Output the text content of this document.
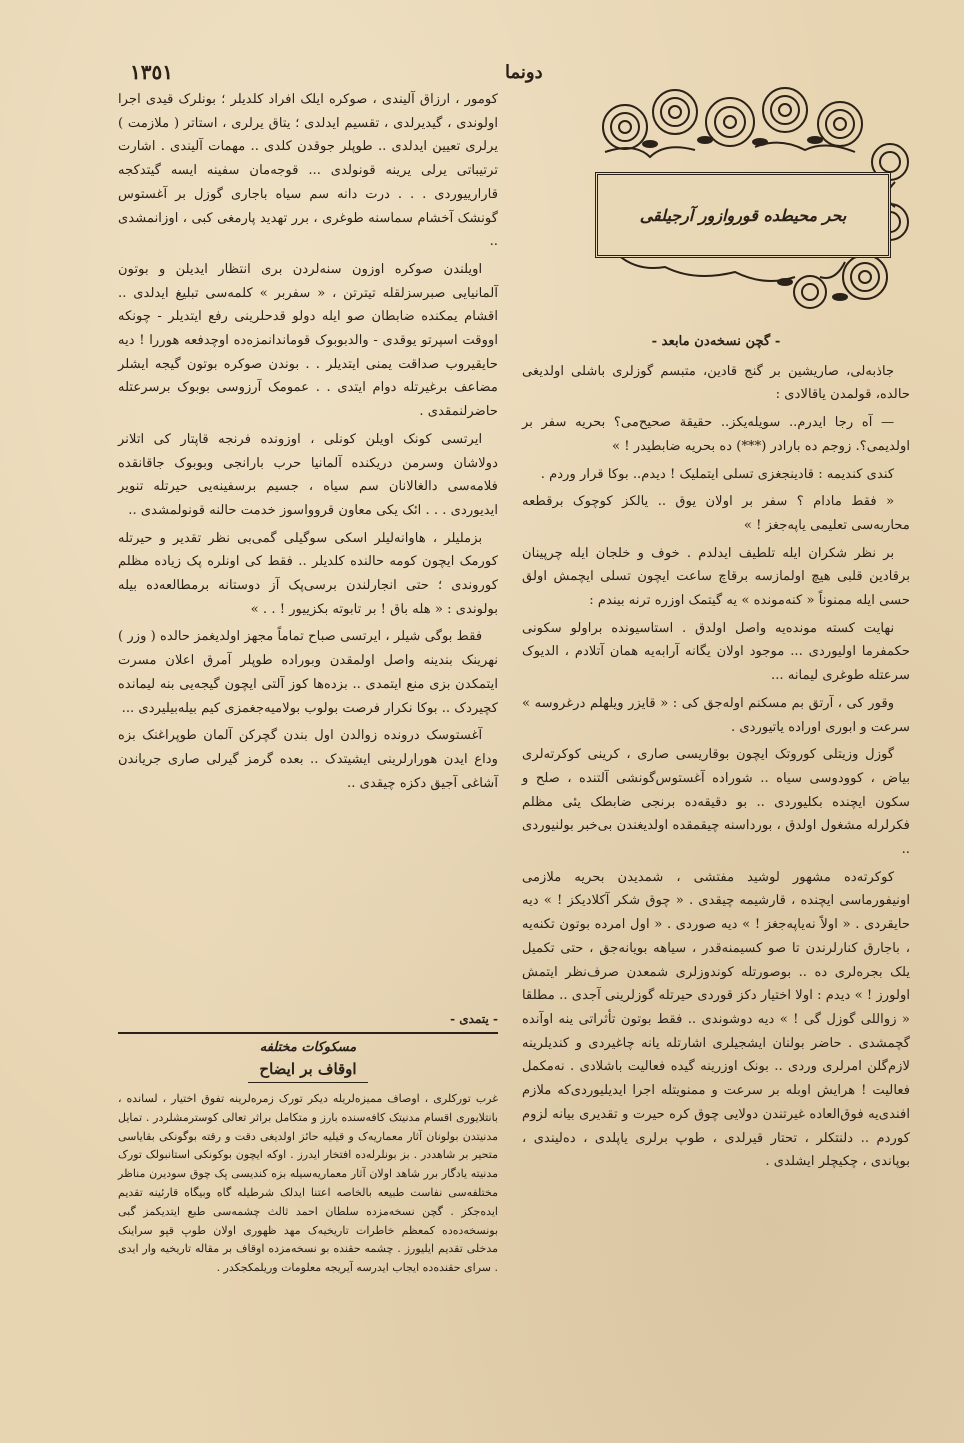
١٣٥١	دونما
بحر محیطده قوروازور آرجیلقی

- گچن نسخه‌دن مابعد -

جاذبه‌لی، صاریشین بر گنج قادین، متبسم گوزلری باشلی اولدیغی حالده، قولمدن یاقالادی :

— آه رجا ایدرم.. سویله‌یکز.. حقیقة صحیح‌می؟ بحریه سفر بر اولدیمی؟. زوجم ده بارادر (***) ده بحریه ضابطیدر ! »

کندی کندیمه : قادینجغزی تسلی ایتملیک ! دیدم.. بوکا قرار وردم .

« فقط مادام ؟ سفر بر اولان یوق .. یالکز کوچوک برقطعه محاربه‌سی تعلیمی یاپه‌جغز ! »

بر نظر شکران ایله تلطیف ایدلدم . خوف و خلجان ایله چرپینان برقادین قلبی هیچ اولمازسه برقاچ ساعت ایچون تسلی ایچمش اولق حسی ایله ممنوناً « کنه‌مونده » یه گیتمک اوزره ترنه بیندم :

نهایت کسته مونده‌یه واصل اولدق . استاسیونده براولو سکونی حکمفرما اولیوردی ... موجود اولان یگانه آرابه‌یه همان آتلادم ، الدیوک سرعتله طوغری لیمانه ...

وقور کی ، آرتق بم مسکنم اوله‌جق کی : « قایزر ویلهلم درغروسه » سرعت و ابوری اوراده یاتیوردی .

گوزل وزیتلی کوروتک ایچون بوقاریسی صاری ، کرینی کوکرته‌لری بیاض ، کوودوسی سیاه .. شوراده آغستوس‌گونشی آلتنده ، صلح و سکون ایچنده بکلیوردی .. بو دقیقه‌ده برنجی ضابطک یئی مظلم فکرلرله مشغول اولدق ، بورداسنه چیقمقده اولدیغندن بی‌خبر بولنیوردی ..

کوکرته‌ده مشهور لوشید مفتشی ، شمدیدن بحریه ملازمی اونیفورماسی ایچنده ، قارشیمه چیقدی . « چوق شکر آکلادیکز ! » دیه حایقردی . « اولاً نه‌یاپه‌جغز ! » دیه صوردی . « اول امرده بوتون تکنه‌یه ، باجارق کنارلرندن تا صو کسیمنه‌قدر ، سیاهه بویانه‌جق ، حتی تکمیل یلک بجره‌لری ده .. بوصورتله کوندوزلری شمعدن صرف‌نظر ایتمش اولورز ! » دیدم : اولا اختیار دکز قوردی حیرتله گوزلرینی آجدی .. مطلقا « زواللی گوزل گی ! » دیه دوشوندی .. فقط بوتون تأثراتی ینه اوآنده گچمشدی . حاضر بولنان ایشجیلری اشارتله یانه چاغیردی و کندیلرینه لازم‌گلن امرلری وردی .. بونک اوزرینه گیده فعالیت باشلادی . نه‌مکمل فعالیت ! هرایش اوبله بر سرعت و ممنویتله اجرا ایدیلیوردی‌که ملازم افندی‌یه فوق‌العاده غیرتندن دولایی چوق کره حیرت و تقدیری بیانه لزوم کوردم .. دلنتکلر ، تحتار قیرلدی ، طوپ برلری یاپلدی ، ده‌لیندی ، بوپاندی ، چکیچلر ایشلدی .

کومور ، ارزاق آلیندی ، صوکره ایلک افراد کلدیلر ؛ بونلرک قیدی اجرا اولوندی ، گیدیرلدی ، تقسیم ایدلدی ؛ یتاق یرلری ، استاتر ( ملازمت ) یرلری تعیین ایدلدی .. طوپلر جوقدن کلدی .. مهمات آلیندی . اشارت ترتیباتی یرلی یرینه قونولدی ... قوجه‌مان سفینه ایسه گیتدکجه قارارییوردی . . . درت دانه سم سیاه باجاری گوزل بر آغستوس گونشک آخشام سماسنه طوغری ، برر تهدید پارمغی کبی ، اوزانمشدی ..

اویلندن صوکره اوزون سنه‌لردن بری انتظار ایدیلن و بوتون آلمانیایی صبرسزلقله تیترتن ، « سفربر » کلمه‌سی تبلیغ ایدلدی .. اقشام یمکنده ضابطان صو ایله دولو قدحلرینی رفع ایتدیلر - چونکه اووقت اسپرتو یوقدی - والدبوبوک قوماندانمزه‌ده اوچدفعه هوررا ! دیه حایقیروب صداقت یمنی ایتدیلر . . بوندن صوکره بوتون گیجه ایشلر مضاعف برغیرتله دوام ایتدی . . عمومک آرزوسی بوبوک برسرعتله حاضرلنمقدی .

ایرتسی کونک اویلن کونلی ، اوزونده فرنجه قاپتار کی اتلانر دولاشان وسرمن دریکنده آلمانیا حرب بارانجی وبوبوک جاقانقده فلامه‌سی دالغالانان سم سیاه ، جسیم برسفینه‌یی حیرتله تنویر ایدیوردی . . . ائک یکی معاون قروواسوز خدمت حالنه قونولمشدی ..

بزملیلر ، هاوانه‌لیلر اسکی سوگیلی گمی‌بی نظر تقدیر و حیرتله کورمک ایچون کومه حالنده کلدیلر .. فقط کی اونلره پک زیاده مظلم کوروندی ؛ حتی انجارلندن برسی‌پک آز دوستانه برمطالعه‌ده بیله بولوندی : « هله باق ! بر تابوته بکزییور ! . . »

فقط بوگی شیلر ، ایرتسی صباح تماماً مجهز اولدیغمز حالده ( وزر ) نهرینک بندینه واصل اولمقدن وبوراده طوپلر آمرق اعلان مسرت ایتمکدن بزی منع ایتمدی .. بزده‌ها کوز آلتی ایچون گیجه‌یی بنه لیمانده کچیردک .. بوکا نکرار فرصت بولوب بولامیه‌جغمزی کیم بیله‌بیلیردی ...

آغستوسک درونده زوالدن اول بندن گچرکن آلمان طوپراغنک بزه وداع ایدن هورارلرینی ایشیتدک .. بعده گرمز گیرلی صاری جریاندن آشاغی آجیق دکزه چیقدی ..

- یتمدی -
مسکوکات مختلفه
اوقاف بر ایضاح

غرب تورکلری ، اوصاف ممیزه‌لریله دیکر تورک زمره‌لرینه تفوق اختیار ، لسانده ، بانتلایوری اقسام مدنیتک کافه‌سنده بارز و متکامل براثر تعالی کوسترمشلردر . تمایل مدنیتدن بولونان آثار معماریه‌ک و قیلیه حائز اولدیغی دقت و رقته بوگونکی بقایاسی متحیر بر شاهددر . بز بونلرله‌ده افتخار ایدرز . اوکه ایچون بوکونکی استانبولک تورک مدنیته یادگار برر شاهد اولان آثار معماریه‌سیله بزه کندیسی پک چوق سودیرن مناظر مختلفه‌سی نفاست طبیعه بالخاصه اعتنا ایدلک شرطیله گاه وبیگاه قارئینه تقدیم ایده‌جکز . گچن نسخه‌مزده سلطان احمد ثالث چشمه‌سی طبع ایتدیکمز گبی بونسخه‌ده‌ده کمعظم خاطرات تاریخیه‌ک مهد ظهوری اولان طوپ قپو سراینک مدخلی تقدیم ایلیورز . چشمه حقنده بو نسخه‌مزده اوقاف بر مقاله تاریخیه وار ایدی . سرای حقنده‌ده ایجاب ایدرسه آیریجه معلومات وریلمکجکدر .
